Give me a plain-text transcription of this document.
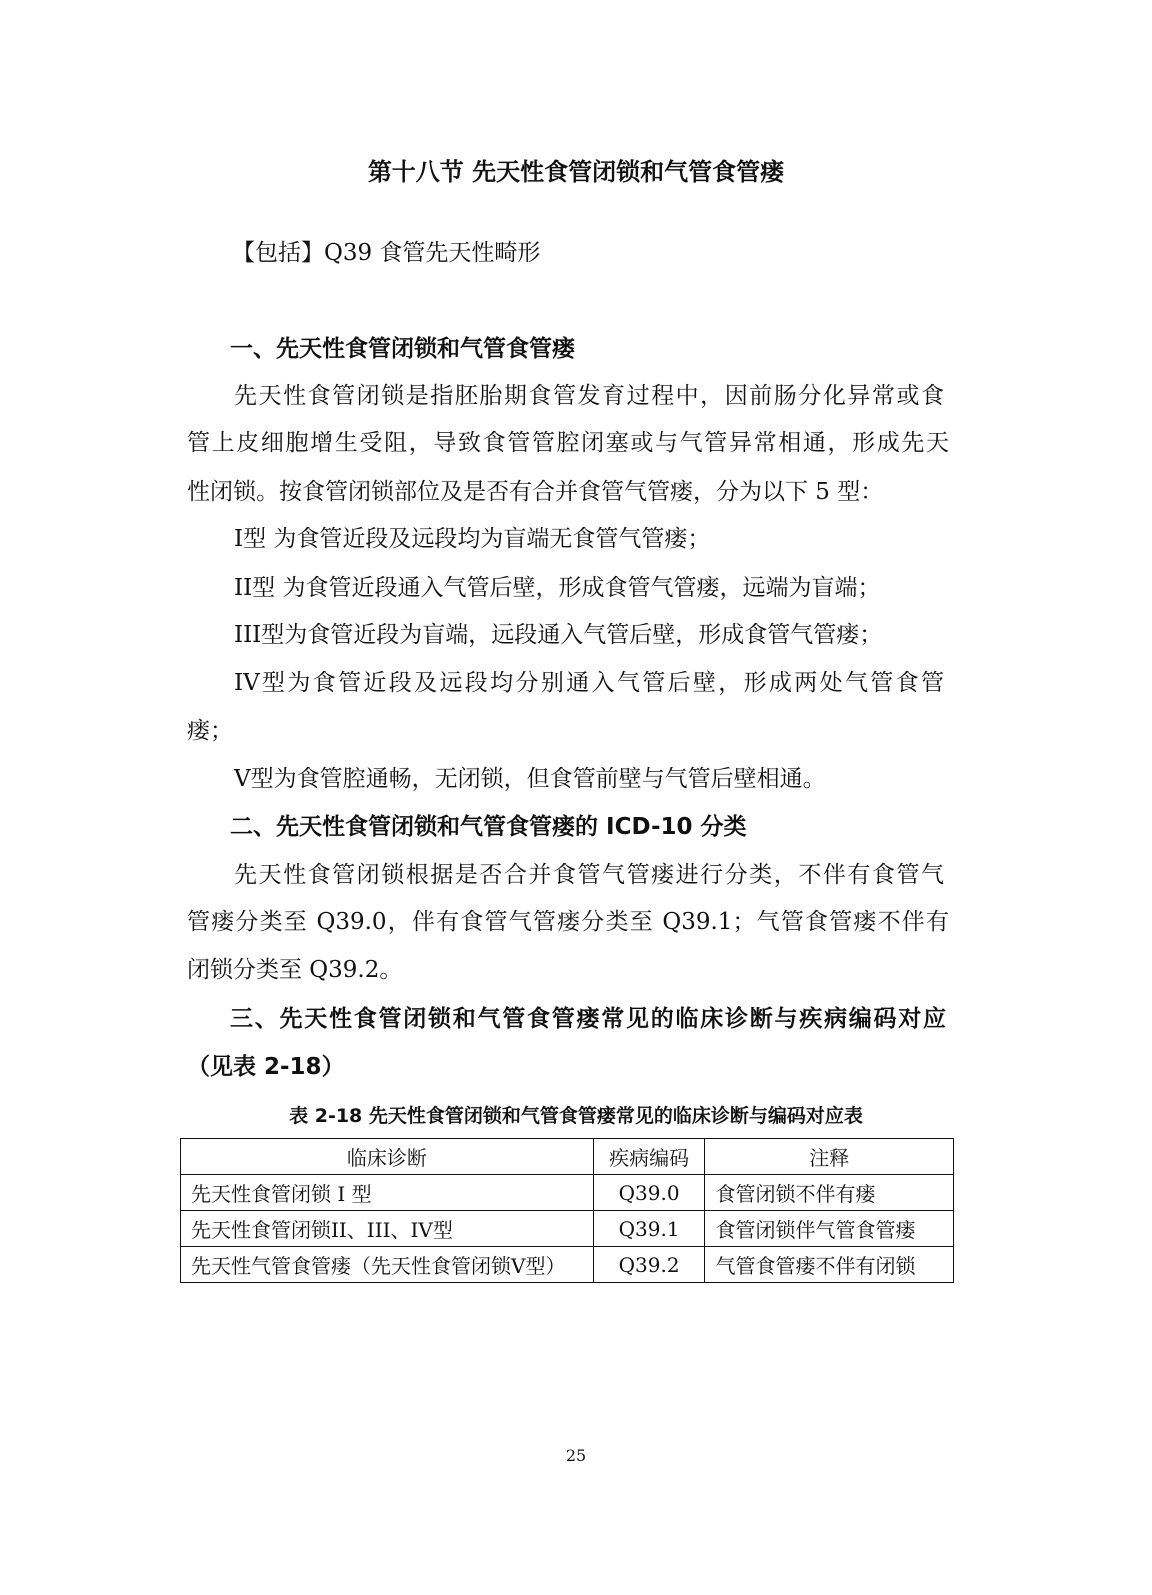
第十八节 先天性食管闭锁和气管食管瘘
【包括】Q39 食管先天性畸形
一、先天性食管闭锁和气管食管瘘
先天性食管闭锁是指胚胎期食管发育过程中，因前肠分化异常或食
管上皮细胞增生受阻，导致食管管腔闭塞或与气管异常相通，形成先天
性闭锁。按食管闭锁部位及是否有合并食管气管瘘，分为以下 5 型：
I型 为食管近段及远段均为盲端无食管气管瘘；
II型 为食管近段通入气管后壁，形成食管气管瘘，远端为盲端；
III型为食管近段为盲端，远段通入气管后壁，形成食管气管瘘；
IV型为食管近段及远段均分别通入气管后壁，形成两处气管食管
瘘；
V型为食管腔通畅，无闭锁，但食管前壁与气管后壁相通。
二、先天性食管闭锁和气管食管瘘的 ICD-10 分类
先天性食管闭锁根据是否合并食管气管瘘进行分类，不伴有食管气
管瘘分类至 Q39.0，伴有食管气管瘘分类至 Q39.1；气管食管瘘不伴有
闭锁分类至 Q39.2。
三、先天性食管闭锁和气管食管瘘常见的临床诊断与疾病编码对应
（见表 2-18）
表 2-18 先天性食管闭锁和气管食管瘘常见的临床诊断与编码对应表
临床诊断	疾病编码	注释
先天性食管闭锁 I 型	Q39.0	食管闭锁不伴有瘘
先天性食管闭锁II、III、IV型	Q39.1	食管闭锁伴气管食管瘘
先天性气管食管瘘（先天性食管闭锁V型）	Q39.2	气管食管瘘不伴有闭锁
25
